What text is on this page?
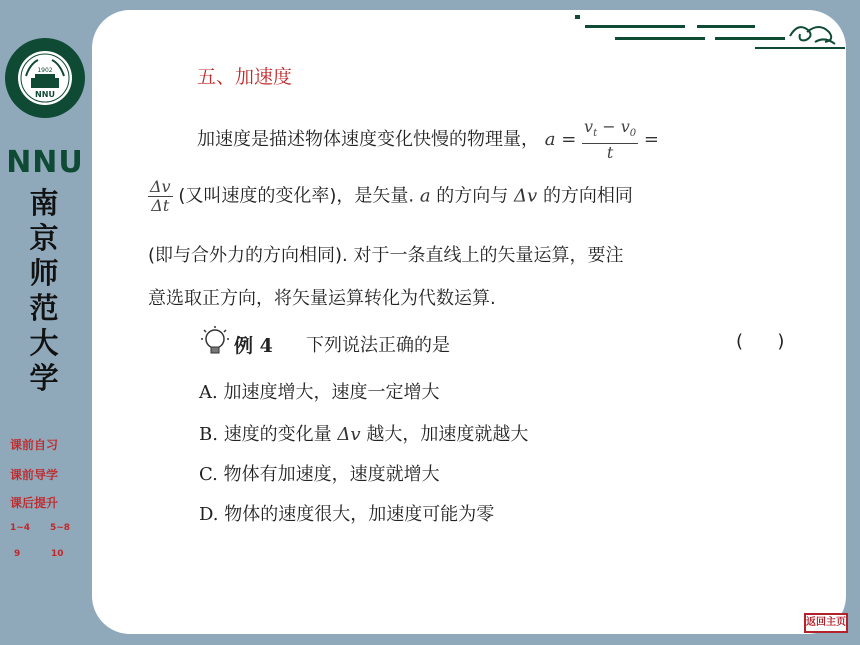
1902
NNU
NNU
南
京
师
范
大
学
课前自习
课前导学
课后提升
1~4 5~8
9	10
五、加速度
加速度是描述物体速度变化快慢的物理量， $a = \frac{v_t - v_0}{t}$ =
$\frac{\Delta v}{\Delta t}$ (又叫速度的变化率)，是矢量. a 的方向与 Δv 的方向相同
(即与合外力的方向相同). 对于一条直线上的矢量运算，要注
意选取正方向，将矢量运算转化为代数运算.
例 4 下列说法正确的是	(      )
A. 加速度增大，速度一定增大
B. 速度的变化量 Δv 越大，加速度就越大
C. 物体有加速度，速度就增大
D. 物体的速度很大，加速度可能为零
返回主页
